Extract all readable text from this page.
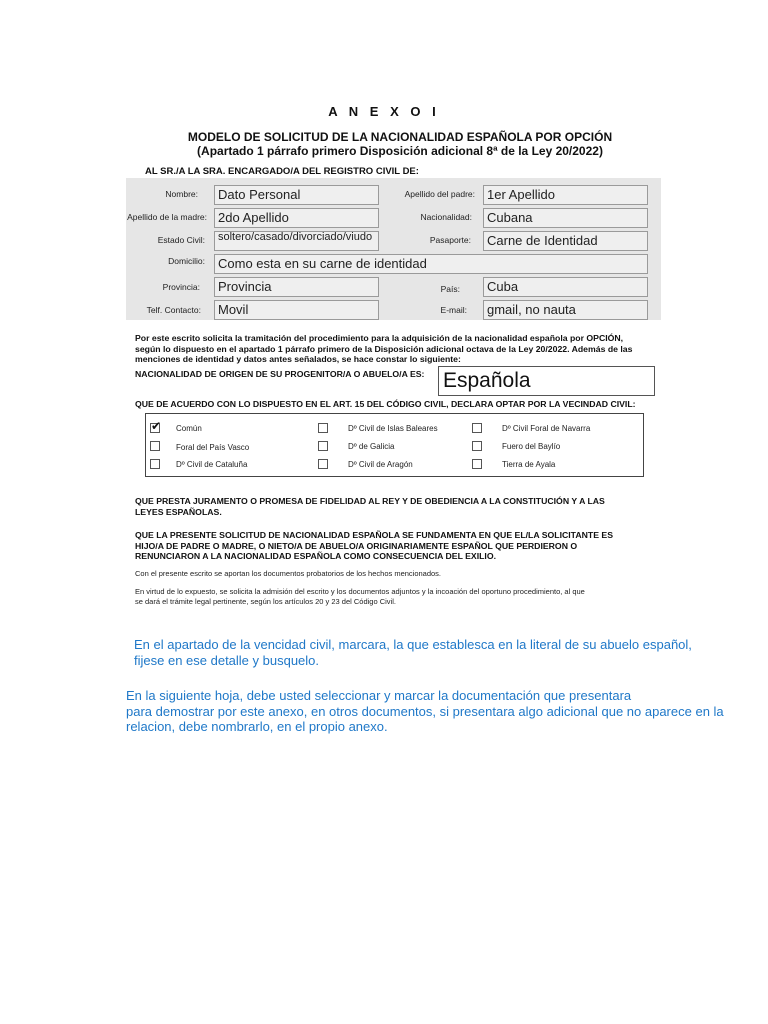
A N E X O I
MODELO DE SOLICITUD DE LA NACIONALIDAD ESPAÑOLA POR OPCIÓN
(Apartado 1 párrafo primero Disposición adicional 8ª de la Ley 20/2022)
AL SR./A LA SRA. ENCARGADO/A DEL REGISTRO CIVIL DE:
Nombre:	Dato Personal	Apellido del padre: 1er Apellido
Apellido de la madre: 2do Apellido	Nacionalidad:	Cubana
Estado Civil:	soltero/casado/divorciado/viudo	Pasaporte:	Carne de Identidad
Domicilio:	Como esta en su carne de identidad
Provincia:	Provincia	País:	Cuba
Telf. Contacto:	Movil	E-mail:	gmail, no nauta
Por este escrito solicita la tramitación del procedimiento para la adquisición de la nacionalidad española por OPCIÓN,
según lo dispuesto en el apartado 1 párrafo primero de la Disposición adicional octava de la Ley 20/2022. Además de las
menciones de identidad y datos antes señalados, se hace constar lo siguiente:
NACIONALIDAD DE ORIGEN DE SU PROGENITOR/A O ABUELO/A ES: Española
QUE DE ACUERDO CON LO DISPUESTO EN EL ART. 15 DEL CÓDIGO CIVIL, DECLARA OPTAR POR LA VECINDAD CIVIL:
✔ Común	Dº Civil de Islas Baleares	Dº Civil Foral de Navarra
Foral del País Vasco	Dº de Galicia	Fuero del Baylío
Dº Civil de Cataluña	Dº Civil de Aragón	Tierra de Ayala
QUE PRESTA JURAMENTO O PROMESA DE FIDELIDAD AL REY Y DE OBEDIENCIA A LA CONSTITUCIÓN Y A LAS
LEYES ESPAÑOLAS.
QUE LA PRESENTE SOLICITUD DE NACIONALIDAD ESPAÑOLA SE FUNDAMENTA EN QUE EL/LA SOLICITANTE ES
HIJO/A DE PADRE O MADRE, O NIETO/A DE ABUELO/A ORIGINARIAMENTE ESPAÑOL QUE PERDIERON O
RENUNCIARON A LA NACIONALIDAD ESPAÑOLA COMO CONSECUENCIA DEL EXILIO.
Con el presente escrito se aportan los documentos probatorios de los hechos mencionados.
En virtud de lo expuesto, se solicita la admisión del escrito y los documentos adjuntos y la incoación del oportuno procedimiento, al que
se dará el trámite legal pertinente, según los artículos 20 y 23 del Código Civil.
En el apartado de la vencidad civil, marcara, la que establesca en la literal de su abuelo español,
fijese en ese detalle y busquelo.
En la siguiente hoja, debe usted seleccionar y marcar la documentación que presentara
para demostrar por este anexo, en otros documentos, si presentara algo adicional que no aparece en la
relacion, debe nombrarlo, en el propio anexo.
